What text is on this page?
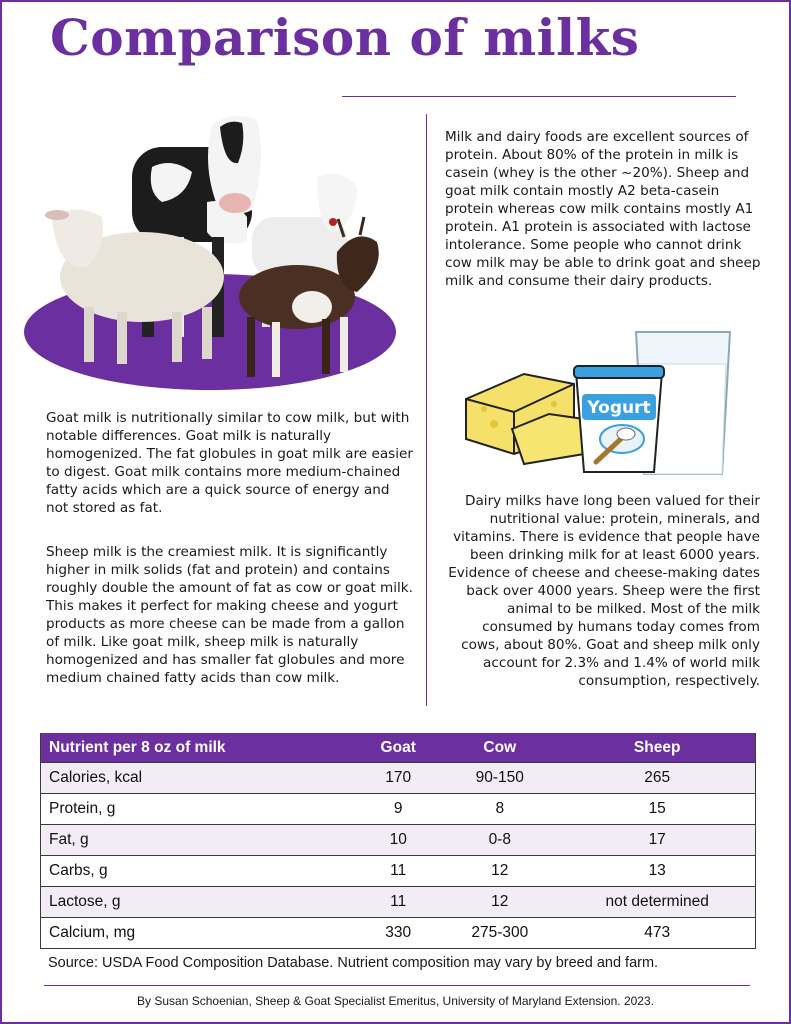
Comparison of milks
Yogurt

Milk and dairy foods are excellent sources of protein. About 80% of the protein in milk is casein (whey is the other ~20%). Sheep and goat milk contain mostly A2 beta-casein protein whereas cow milk contains mostly A1 protein. A1 protein is associated with lactose intolerance. Some people who cannot drink cow milk may be able to drink goat and sheep milk and consume their dairy products.

Goat milk is nutritionally similar to cow milk, but with notable differences. Goat milk is naturally homogenized. The fat globules in goat milk are easier to digest. Goat milk contains more medium-chained fatty acids which are a quick source of energy and not stored as fat.

Sheep milk is the creamiest milk. It is significantly higher in milk solids (fat and protein) and contains roughly double the amount of fat as cow or goat milk. This makes it perfect for making cheese and yogurt products as more cheese can be made from a gallon of milk. Like goat milk, sheep milk is naturally homogenized and has smaller fat globules and more medium chained fatty acids than cow milk.

Dairy milks have long been valued for their nutritional value: protein, minerals, and vitamins. There is evidence that people have been drinking milk for at least 6000 years. Evidence of cheese and cheese-making dates back over 4000 years. Sheep were the first animal to be milked. Most of the milk consumed by humans today comes from cows, about 80%. Goat and sheep milk only account for 2.3% and 1.4% of world milk consumption, respectively.

Nutrient per 8 oz of milk	Goat	Cow	Sheep
Calories, kcal	170	90-150	265
Protein, g	9	8	15
Fat, g	10	0-8	17
Carbs, g	11	12	13
Lactose, g	11	12	not determined
Calcium, mg	330	275-300	473

Source: USDA Food Composition Database. Nutrient composition may vary by breed and farm.

By Susan Schoenian, Sheep & Goat Specialist Emeritus, University of Maryland Extension. 2023.
